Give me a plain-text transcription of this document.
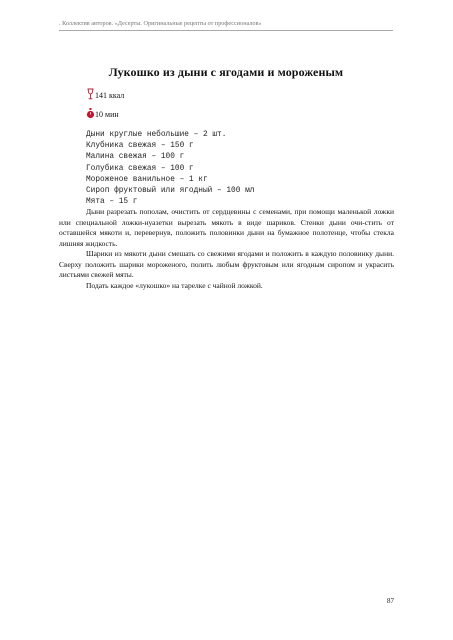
. Коллектив авторов. «Десерты. Оригинальные рецепты от профессионалов»
Лукошко из дыни с ягодами и мороженым
141 ккал
10 мин
Дыни круглые небольшие – 2 шт.
Клубника свежая – 150 г
Малина свежая – 100 г
Голубика свежая – 100 г
Мороженое ванильное – 1 кг
Сироп фруктовый или ягодный – 100 мл
Мята – 15 г

Дыни разрезать пополам, очистить от сердцевины с семенами, при помощи маленькой ложки или специальной ложки-нуазетки вырезать мякоть в виде шариков. Стенки дыни очи-стить от оставшейся мякоти и, перевернув, положить половинки дыни на бумажное полотенце, чтобы стекла лишняя жидкость.

Шарики из мякоти дыни смешать со свежими ягодами и положить в каждую половинку дыни. Сверху положить шарики мороженого, полить любым фруктовым или ягодным сиропом и украсить листьями свежей мяты.

Подать каждое «лукошко» на тарелке с чайной ложкой.

87
